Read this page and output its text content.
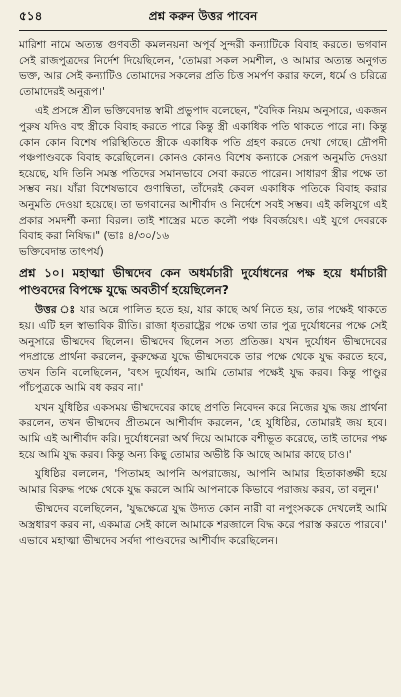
৫১৪	প্রশ্ন করুন উত্তর পাবেন

মারিশা নামে অত্যন্ত গুণবতী কমলনয়না অপূর্ব সুন্দরী কন্যাটিকে বিবাহ করতে। ভগবান সেই রাজপুত্রদের নির্দেশ দিয়েছিলেন, 'তোমরা সকল সমশীল, ও আমার অত্যন্ত অনুগত ভক্ত, আর সেই কন্যাটিও তোমাদের সকলের প্রতি চিত্ত সমর্পণ করার ফলে, ধর্মে ও চরিত্রে তোমাদেরই অনুরূপ।'

এই প্রসঙ্গে শ্রীল ভক্তিবেদান্ত স্বামী প্রভুপাদ বলেছেন, "বৈদিক নিয়ম অনুসারে, একজন পুরুষ যদিও বহু স্ত্রীকে বিবাহ করতে পারে কিন্তু স্ত্রী একাধিক পতি থাকতে পারে না। কিন্তু কোন কোন বিশেষ পরিস্থিতিতে স্ত্রীকে একাধিক পতি গ্রহণ করতে দেখা গেছে। দ্রৌপদী পঞ্চপাণ্ডবকে বিবাহ করেছিলেন। কোনও কোনও বিশেষ কন্যাকে সেরূপ অনুমতি দেওয়া হয়েছে, যদি তিনি সমস্ত পতিদের সমানভাবে সেবা করতে পারেন। সাধারণ স্ত্রীর পক্ষে তা সম্ভব নয়। যাঁরা বিশেষভাবে গুণান্বিতা, তাঁদেরই কেবল একাধিক পতিকে বিবাহ করার অনুমতি দেওয়া হয়েছে। তা ভগবানের আশীর্বাদ ও নির্দেশে সবই সম্ভব। এই কলিযুগে এই প্রকার সমদর্শী কন্যা বিরল। তাই শাস্ত্রের মতে কলৌ পঞ্চ বিবর্জয়েৎ। এই যুগে দেবরকে বিবাহ করা নিষিদ্ধ।" (ভাঃ ৪/৩০/১৬

ভক্তিবেদান্ত তাৎপর্য)

প্রশ্ন ১০। মহাত্মা ভীষ্মদেব কেন অধর্মচারী দুর্যোধনের পক্ষ হয়ে ধর্মাচারী পাণ্ডবদের বিপক্ষে যুদ্ধে অবতীর্ণ হয়েছিলেন?

উত্তর ঃ যার অন্নে পালিত হতে হয়, যার কাছে অর্থ নিতে হয়, তার পক্ষেই থাকতে হয়। এটি হল স্বাভাবিক রীতি। রাজা ধৃতরাষ্ট্রের পক্ষে তথা তার পুত্র দুর্যোধনের পক্ষে সেই অনুসারে ভীষ্মদেব ছিলেন। ভীষ্মদেব ছিলেন সত্য প্রতিজ্ঞ। যখন দুর্যোধন ভীষ্মদেবের পদপ্রান্তে প্রার্থনা করলেন, কুরুক্ষেত্র যুদ্ধে ভীষ্মদেবকে তার পক্ষে থেকে যুদ্ধ করতে হবে, তখন তিনি বলেছিলেন, 'বৎস দুর্যোধন, আমি তোমার পক্ষেই যুদ্ধ করব। কিন্তু পাণ্ডুর পাঁচপুত্রকে আমি বধ করব না।'

যখন যুধিষ্ঠির একসময় ভীষ্মদেবের কাছে প্রণতি নিবেদন করে নিজের যুদ্ধ জয় প্রার্থনা করলেন, তখন ভীষ্মদেব প্রীতমনে আশীর্বাদ করলেন, 'হে যুধিষ্ঠির, তোমারই জয় হবে। আমি এই আশীর্বাদ করি। দুর্যোধনেরা অর্থ দিয়ে আমাকে বশীভূত করেছে, তাই তাদের পক্ষ হয়ে আমি যুদ্ধ করব। কিন্তু অন্য কিছু তোমার অভীষ্ট কি আছে আমার কাছে চাও।'

যুধিষ্ঠির বললেন, 'পিতামহ আপনি অপরাজেয়, আপনি আমার হিতাকাঙ্ক্ষী হয়ে আমার বিরুদ্ধ পক্ষে থেকে যুদ্ধ করলে আমি আপনাকে কিভাবে পরাজয় করব, তা বলুন।'

ভীষ্মদেব বলেছিলেন, 'যুদ্ধক্ষেত্রে যুদ্ধ উদ্যত কোন নারী বা নপুংসককে দেখলেই আমি অস্ত্রধারণ করব না, একমাত্র সেই কালে আমাকে শরজালে বিদ্ধ করে পরাস্ত করতে পারবে।' এভাবে মহাত্মা ভীষ্মদেব সর্বদা পাণ্ডবদের আশীর্বাদ করেছিলেন।
